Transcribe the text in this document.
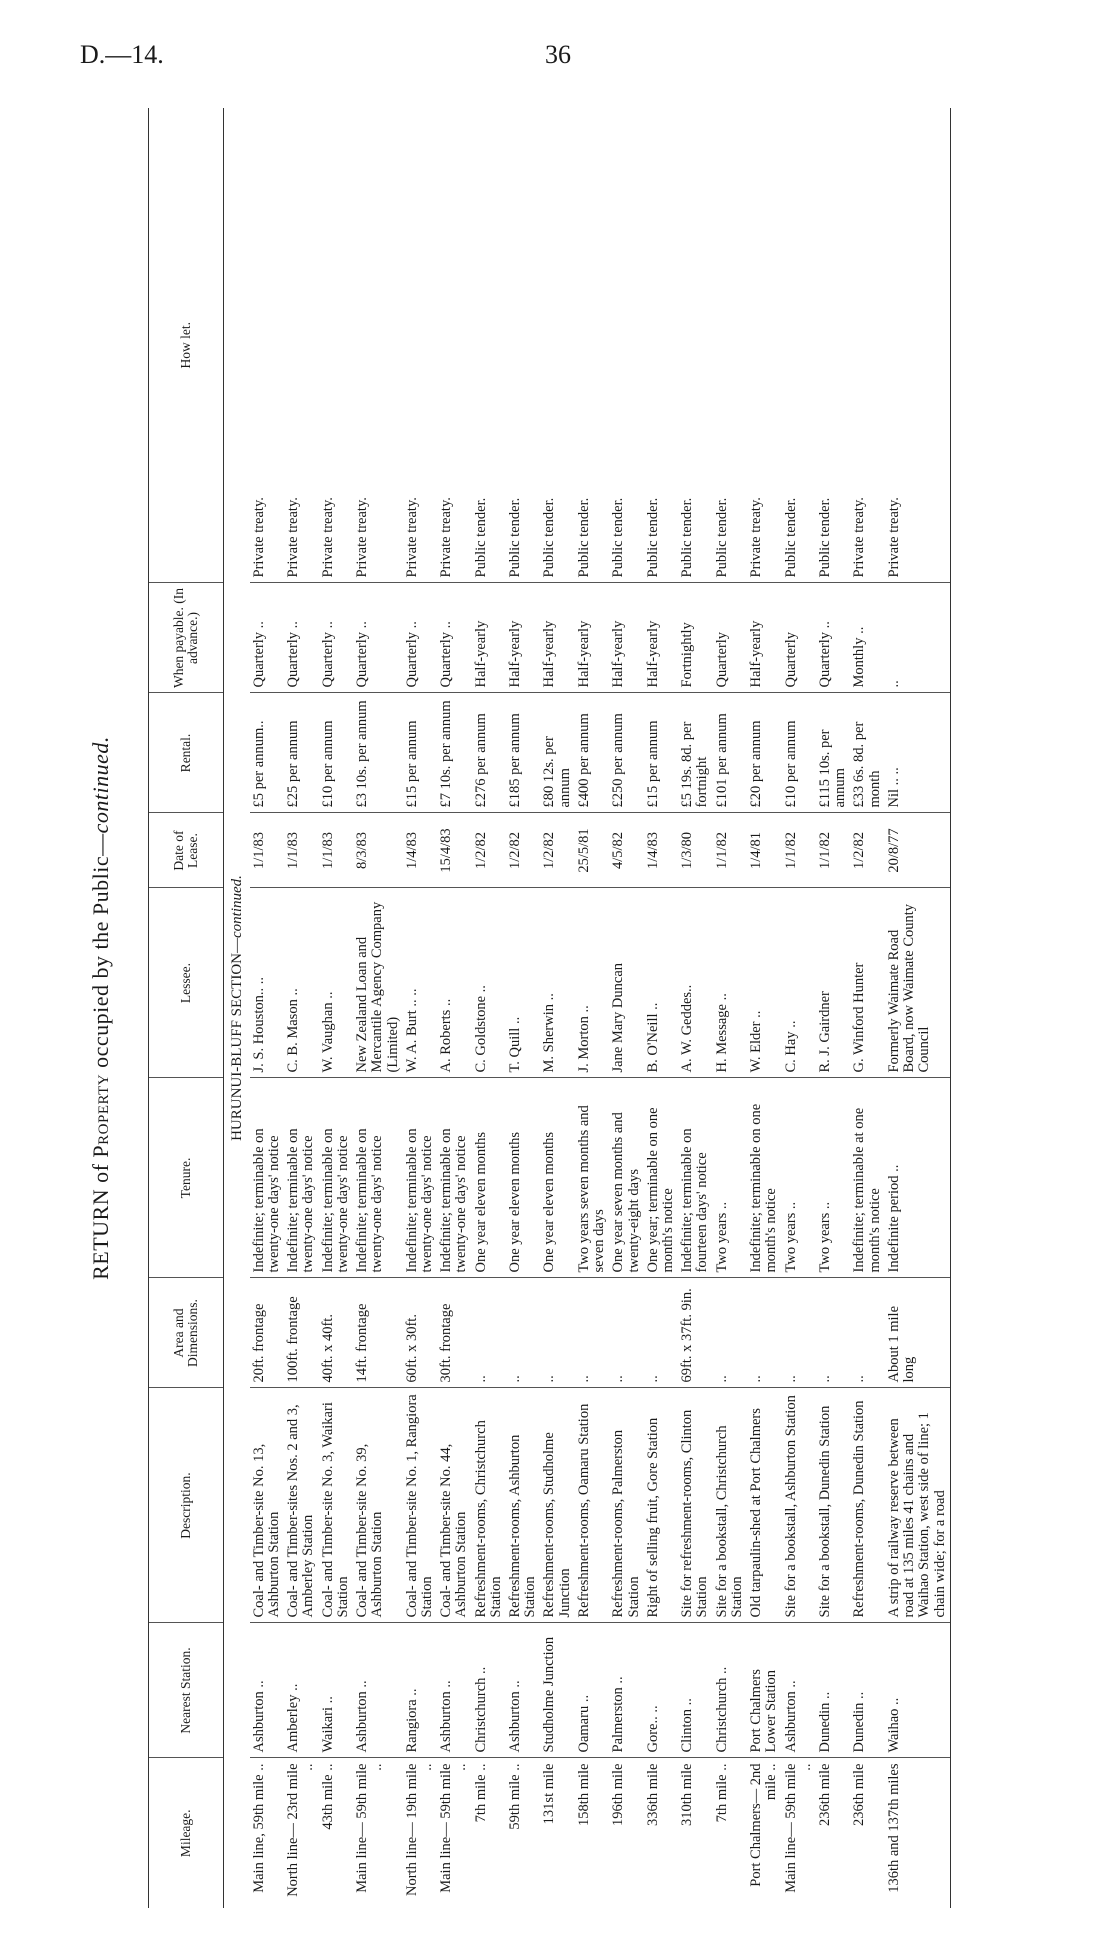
D.—14.	36
RETURN of Property occupied by the Public—continued.
Mileage.	Nearest Station.	Description.	Area and Dimensions.	Tenure.	Lessee.	Date of Lease.	Rental.	When payable. (In advance.)	How let.
HURUNUI-BLUFF SECTION—continued.									
Main line, 59th mile ..	Ashburton ..	Coal- and Timber-site No. 13, Ashburton Station	20ft. frontage	Indefinite; terminable on twenty-one days' notice	J. S. Houston.. ..	1/1/83	£5 per annum..	Quarterly ..	Private treaty.
North line— 23rd mile ..	Amberley ..	Coal- and Timber-sites Nos. 2 and 3, Amberley Station	100ft. frontage	Indefinite; terminable on twenty-one days' notice	C. B. Mason ..	1/1/83	£25 per annum	Quarterly ..	Private treaty.
43th mile ..	Waikari ..	Coal- and Timber-site No. 3, Waikari Station	40ft. x 40ft.	Indefinite; terminable on twenty-one days' notice	W. Vaughan ..	1/1/83	£10 per annum	Quarterly ..	Private treaty.
Main line— 59th mile ..	Ashburton ..	Coal- and Timber-site No. 39, Ashburton Station	14ft. frontage	Indefinite; terminable on twenty-one days' notice	New Zealand Loan and Mercantile Agency Company (Limited)	8/3/83	£3 10s. per annum	Quarterly ..	Private treaty.
North line— 19th mile ..	Rangiora ..	Coal- and Timber-site No. 1, Rangiora Station	60ft. x 30ft.	Indefinite; terminable on twenty-one days' notice	W. A. Burt .. ..	1/4/83	£15 per annum	Quarterly ..	Private treaty.
Main line— 59th mile ..	Ashburton ..	Coal- and Timber-site No. 44, Ashburton Station	30ft. frontage	Indefinite; terminable on twenty-one days' notice	A. Roberts ..	15/4/83	£7 10s. per annum	Quarterly ..	Private treaty.
7th mile ..	Christchurch ..	Refreshment-rooms, Christchurch Station	..	One year eleven months	C. Goldstone ..	1/2/82	£276 per annum	Half-yearly	Public tender.
59th mile ..	Ashburton ..	Refreshment-rooms, Ashburton Station	..	One year eleven months	T. Quill ..	1/2/82	£185 per annum	Half-yearly	Public tender.
131st mile	Studholme Junction	Refreshment-rooms, Studholme Junction	..	One year eleven months	M. Sherwin ..	1/2/82	£80 12s. per annum	Half-yearly	Public tender.
158th mile	Oamaru ..	Refreshment-rooms, Oamaru Station	..	Two years seven months and seven days	J. Morton ..	25/5/81	£400 per annum	Half-yearly	Public tender.
196th mile	Palmerston ..	Refreshment-rooms, Palmerston Station	..	One year seven months and twenty-eight days	Jane Mary Duncan	4/5/82	£250 per annum	Half-yearly	Public tender.
336th mile	Gore.. ..	Right of selling fruit, Gore Station	..	One year; terminable on one month's notice	B. O'Neill ..	1/4/83	£15 per annum	Half-yearly	Public tender.
310th mile	Clinton ..	Site for refreshment-rooms, Clinton Station	69ft. x 37ft. 9in.	Indefinite; terminable on fourteen days' notice	A. W. Geddes..	1/3/80	£5 19s. 8d. per fortnight	Fortnightly	Public tender.
7th mile ..	Christchurch ..	Site for a bookstall, Christchurch Station	..	Two years ..	H. Message ..	1/1/82	£101 per annum	Quarterly	Public tender.
Port Chalmers— 2nd mile ..	Port Chalmers Lower Station	Old tarpaulin-shed at Port Chalmers	..	Indefinite; terminable on one month's notice	W. Elder ..	1/4/81	£20 per annum	Half-yearly	Private treaty.
Main line— 59th mile ..	Ashburton ..	Site for a bookstall, Ashburton Station	..	Two years ..	C. Hay ..	1/1/82	£10 per annum	Quarterly	Public tender.
236th mile	Dunedin ..	Site for a bookstall, Dunedin Station	..	Two years ..	R. J. Gairdner	1/1/82	£115 10s. per annum	Quarterly ..	Public tender.
236th mile	Dunedin ..	Refreshment-rooms, Dunedin Station	..	Indefinite; terminable at one month's notice	G. Winford Hunter	1/2/82	£33 6s. 8d. per month	Monthly ..	Private treaty.
136th and 137th miles	Waihao ..	A strip of railway reserve between road at 135 miles 41 chains and Waihao Station, west side of line; 1 chain wide; for a road	About 1 mile long	Indefinite period ..	Formerly Waimate Road Board, now Waimate County Council	20/8/77	Nil .. ..	..	Private treaty.
